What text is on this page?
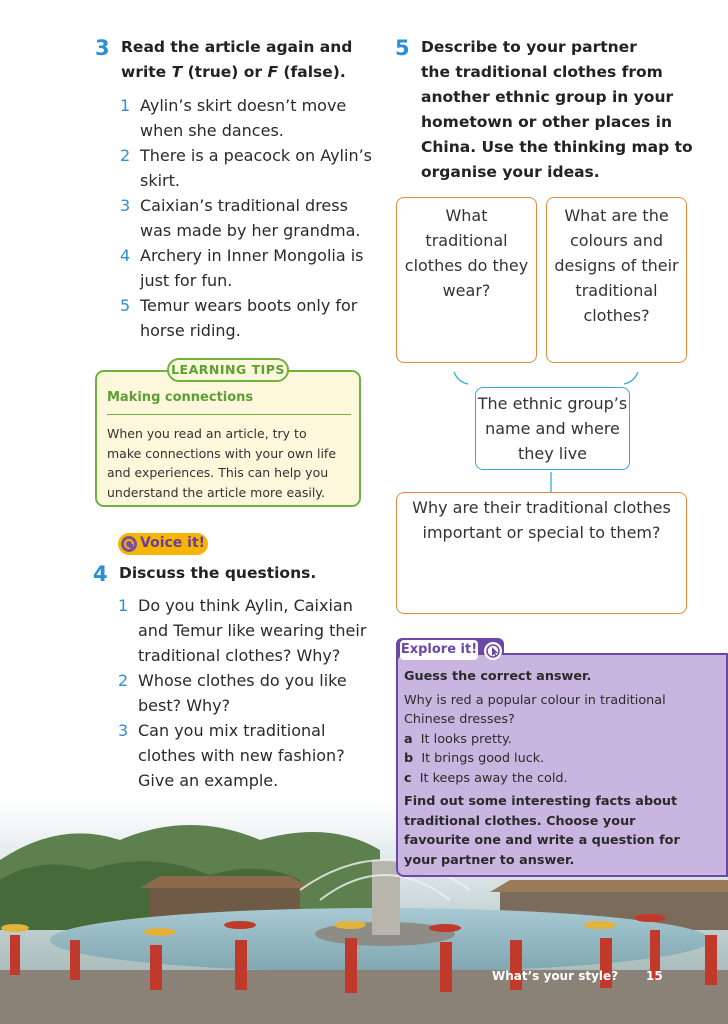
3 Read the article again and
write T (true) or F (false).
1 Aylin’s skirt doesn’t move
when she dances.
2 There is a peacock on Aylin’s
skirt.
3 Caixian’s traditional dress
was made by her grandma.
4 Archery in Inner Mongolia is
just for fun.
5 Temur wears boots only for
horse riding.
LEARNING TIPS
Making connections
When you read an article, try to
make connections with your own life
and experiences. This can help you
understand the article more easily.
Voice it!
4 Discuss the questions.
1 Do you think Aylin, Caixian
and Temur like wearing their
traditional clothes? Why?
2 Whose clothes do you like
best? Why?
3 Can you mix traditional
clothes with new fashion?
Give an example.
5 Describe to your partner
the traditional clothes from
another ethnic group in your
hometown or other places in
China. Use the thinking map to
organise your ideas.
What
traditional
clothes do they
wear?
What are the
colours and
designs of their
traditional
clothes?
The ethnic group’s
name and where
they live
Why are their traditional clothes
important or special to them?
What’s your style? 15
Explore it!
Guess the correct answer.
Why is red a popular colour in traditional
Chinese dresses?
a It looks pretty.
b It brings good luck.
c It keeps away the cold.
Find out some interesting facts about
traditional clothes. Choose your
favourite one and write a question for
your partner to answer.
